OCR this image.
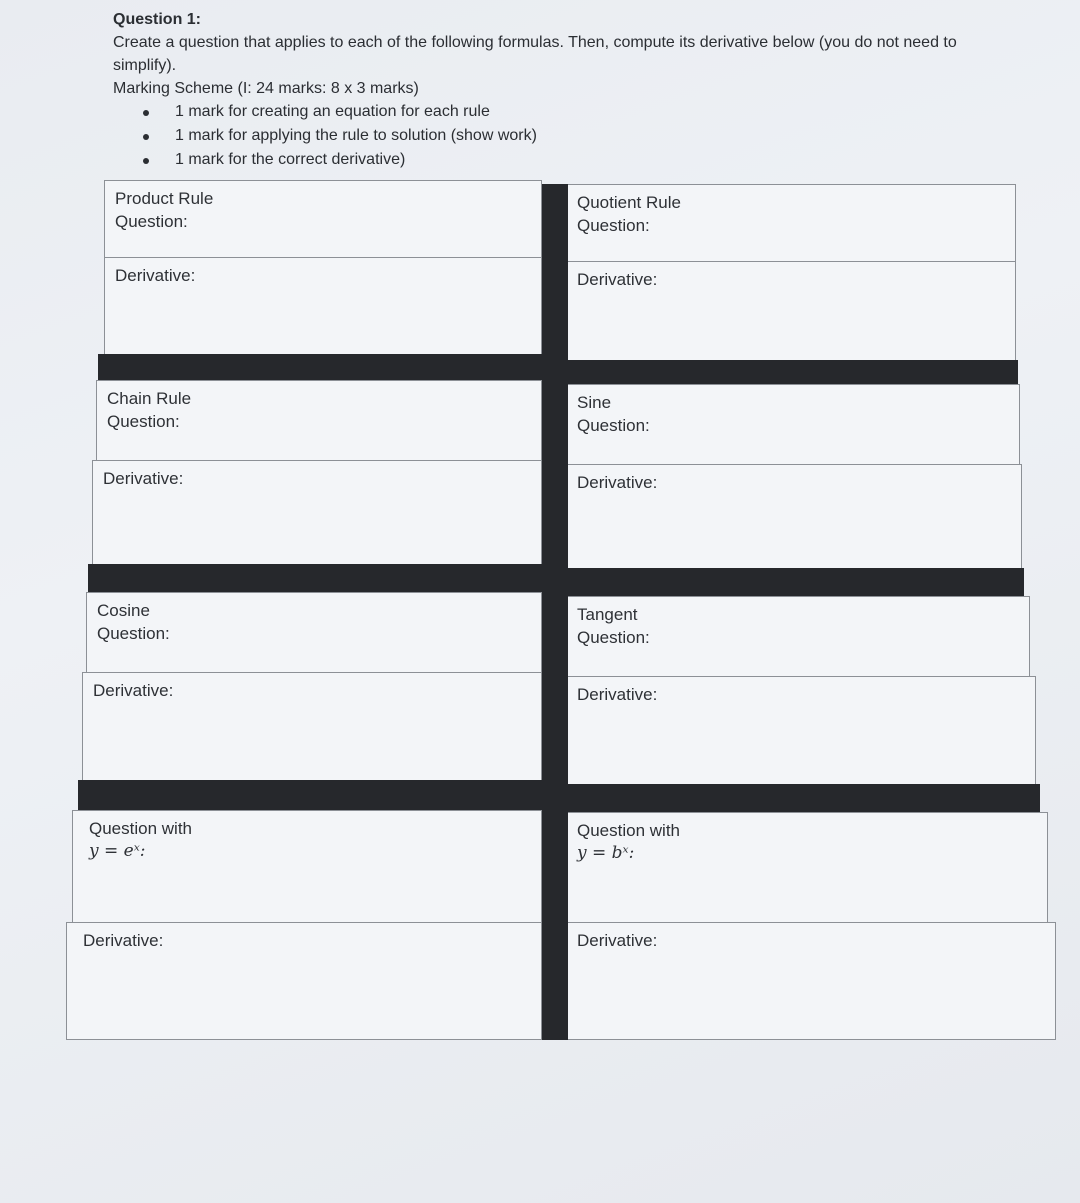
Question 1:
Create a question that applies to each of the following formulas. Then, compute its derivative below (you do not need to simplify).
Marking Scheme (I: 24 marks: 8 x 3 marks)
1 mark for creating an equation for each rule
1 mark for applying the rule to solution (show work)
1 mark for the correct derivative)
Product Rule
Question:
Derivative:
Quotient Rule
Question:
Derivative:
Chain Rule
Question:
Derivative:
Sine
Question:
Derivative:
Cosine
Question:
Derivative:
Tangent
Question:
Derivative:
Question with
y = eˣ:
Derivative:
Question with
y = bˣ:
Derivative:
